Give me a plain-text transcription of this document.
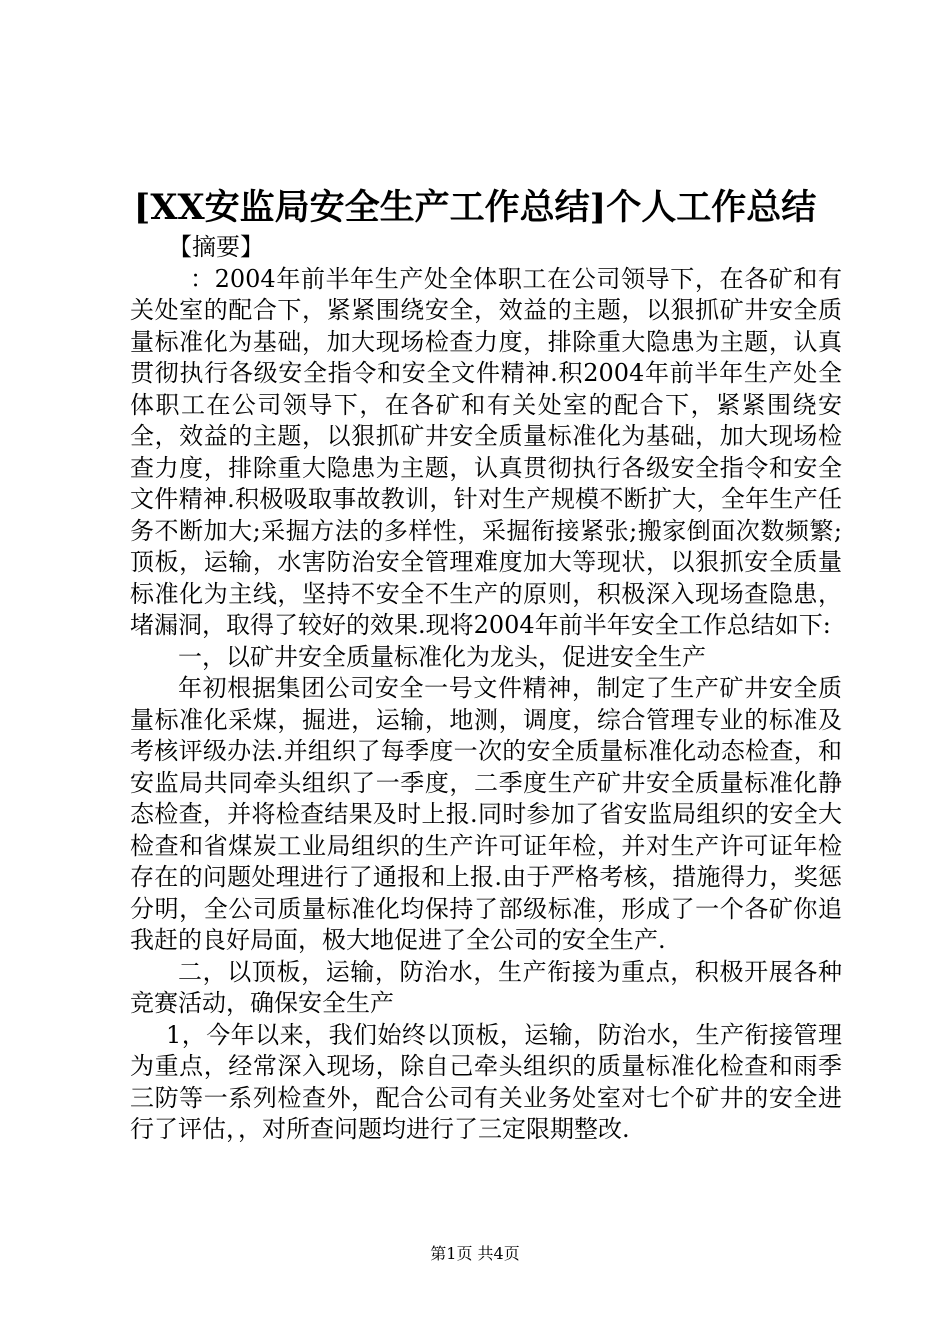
[XX安监局安全生产工作总结]个人工作总结

【摘要】

：2004年前半年生产处全体职工在公司领导下，在各矿和有关处室的配合下，紧紧围绕安全，效益的主题，以狠抓矿井安全质量标准化为基础，加大现场检查力度，排除重大隐患为主题，认真贯彻执行各级安全指令和安全文件精神.积2004年前半年生产处全体职工在公司领导下，在各矿和有关处室的配合下，紧紧围绕安全，效益的主题，以狠抓矿井安全质量标准化为基础，加大现场检查力度，排除重大隐患为主题，认真贯彻执行各级安全指令和安全文件精神.积极吸取事故教训，针对生产规模不断扩大，全年生产任务不断加大;采掘方法的多样性，采掘衔接紧张;搬家倒面次数频繁;顶板，运输，水害防治安全管理难度加大等现状，以狠抓安全质量标准化为主线，坚持不安全不生产的原则，积极深入现场查隐患，堵漏洞，取得了较好的效果.现将2004年前半年安全工作总结如下:

一，以矿井安全质量标准化为龙头，促进安全生产

年初根据集团公司安全一号文件精神，制定了生产矿井安全质量标准化采煤，掘进，运输，地测，调度，综合管理专业的标准及考核评级办法.并组织了每季度一次的安全质量标准化动态检查，和安监局共同牵头组织了一季度，二季度生产矿井安全质量标准化静态检查，并将检查结果及时上报.同时参加了省安监局组织的安全大检查和省煤炭工业局组织的生产许可证年检，并对生产许可证年检存在的问题处理进行了通报和上报.由于严格考核，措施得力，奖惩分明，全公司质量标准化均保持了部级标准，形成了一个各矿你追我赶的良好局面，极大地促进了全公司的安全生产.

二，以顶板，运输，防治水，生产衔接为重点，积极开展各种竞赛活动，确保安全生产

1，今年以来，我们始终以顶板，运输，防治水，生产衔接管理为重点，经常深入现场，除自己牵头组织的质量标准化检查和雨季三防等一系列检查外，配合公司有关业务处室对七个矿井的安全进行了评估，，对所查问题均进行了三定限期整改.

第1页 共4页
